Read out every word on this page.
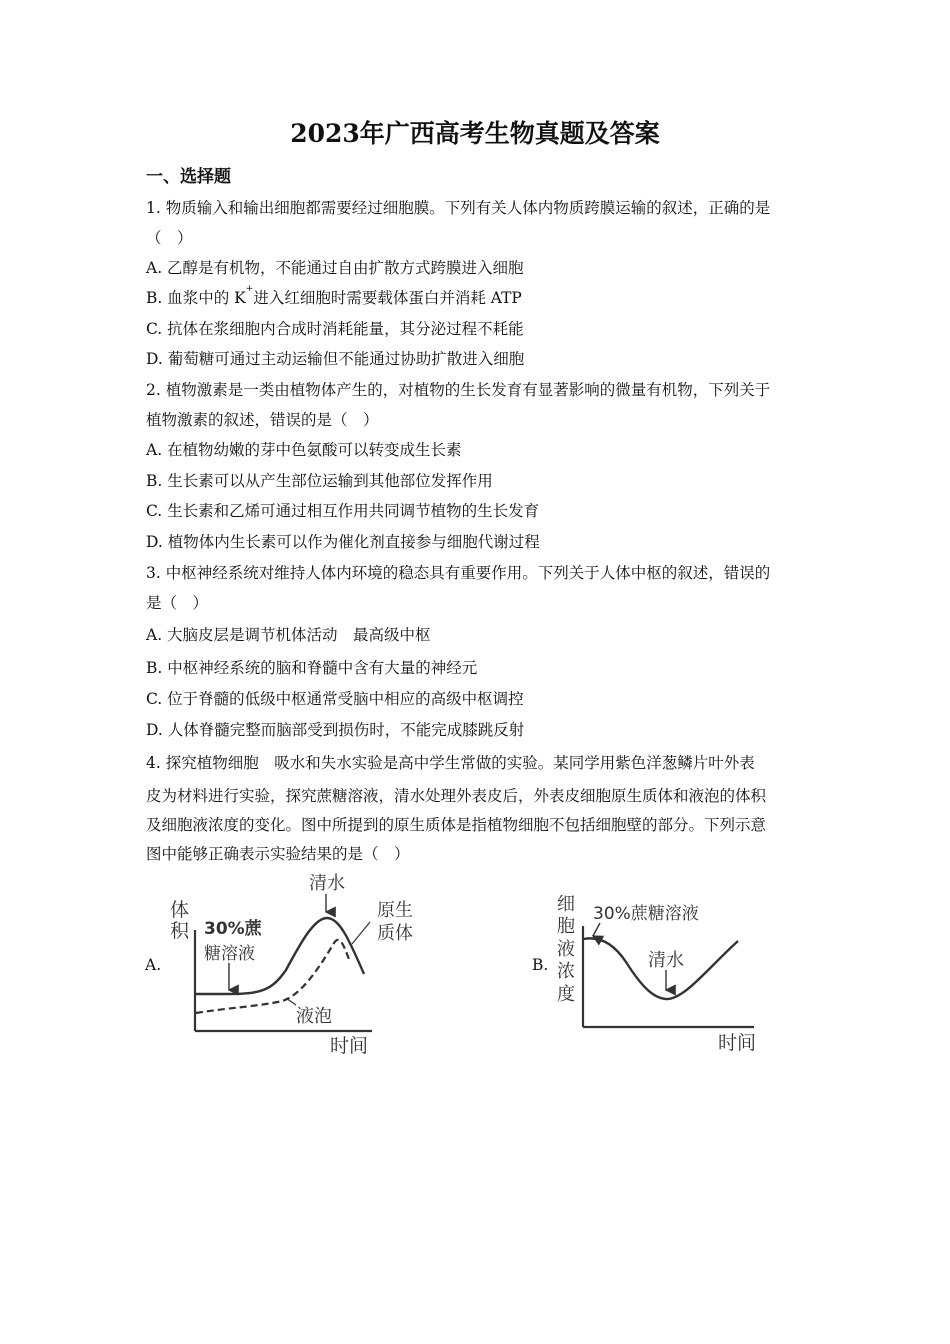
2023年广西高考生物真题及答案
一、选择题
1. 物质输入和输出细胞都需要经过细胞膜。下列有关人体内物质跨膜运输的叙述，正确的是
（　）
A. 乙醇是有机物，不能通过自由扩散方式跨膜进入细胞
B. 血浆中的 K+进入红细胞时需要载体蛋白并消耗 ATP
C. 抗体在浆细胞内合成时消耗能量，其分泌过程不耗能
D. 葡萄糖可通过主动运输但不能通过协助扩散进入细胞
2. 植物激素是一类由植物体产生的，对植物的生长发育有显著影响的微量有机物，下列关于
植物激素的叙述，错误的是（　）
A. 在植物幼嫩的芽中色氨酸可以转变成生长素
B. 生长素可以从产生部位运输到其他部位发挥作用
C. 生长素和乙烯可通过相互作用共同调节植物的生长发育
D. 植物体内生长素可以作为催化剂直接参与细胞代谢过程
3. 中枢神经系统对维持人体内环境的稳态具有重要作用。下列关于人体中枢的叙述，错误的
是（　）
A. 大脑皮层是调节机体活动　最高级中枢
B. 中枢神经系统的脑和脊髓中含有大量的神经元
C. 位于脊髓的低级中枢通常受脑中相应的高级中枢调控
D. 人体脊髓完整而脑部受到损伤时，不能完成膝跳反射
4. 探究植物细胞　吸水和失水实验是高中学生常做的实验。某同学用紫色洋葱鳞片叶外表
皮为材料进行实验，探究蔗糖溶液，清水处理外表皮后，外表皮细胞原生质体和液泡的体积
及细胞液浓度的变化。图中所提到的原生质体是指植物细胞不包括细胞壁的部分。下列示意
图中能够正确表示实验结果的是（　）
A.
体
积 30%蔗
糖溶液
清水
原生
质体
液泡
时间
B.
细
胞
液
浓
度
30%蔗糖溶液
清水
时间
